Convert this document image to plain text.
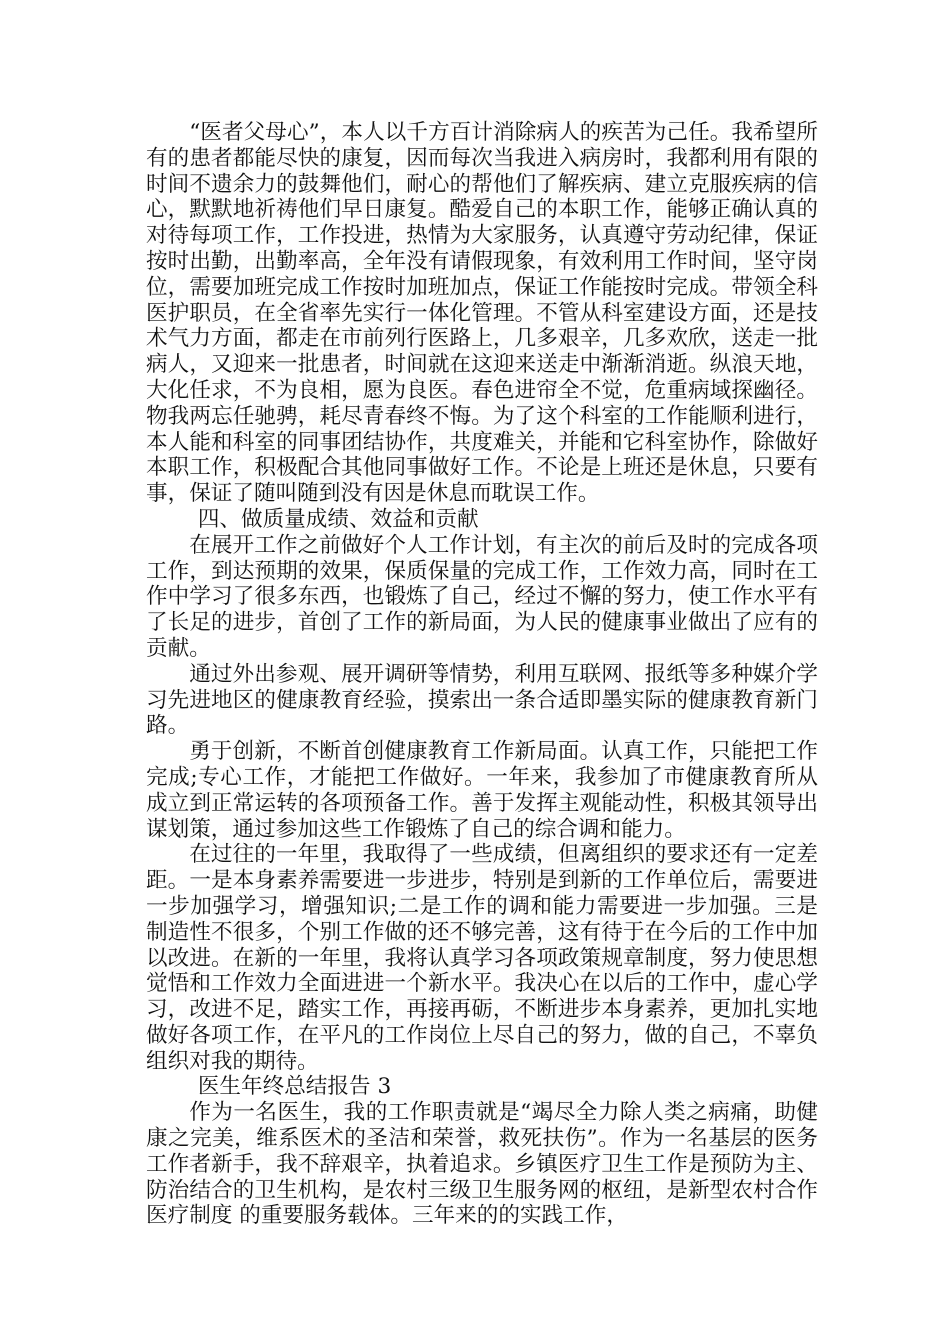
“医者父母心”，本人以千方百计消除病人的疾苦为己任。我希望所有的患者都能尽快的康复，因而每次当我进入病房时，我都利用有限的时间不遗余力的鼓舞他们，耐心的帮他们了解疾病、建立克服疾病的信心，默默地祈祷他们早日康复。酷爱自己的本职工作，能够正确认真的对待每项工作，工作投进，热情为大家服务，认真遵守劳动纪律，保证按时出勤，出勤率高，全年没有请假现象，有效利用工作时间，坚守岗位，需要加班完成工作按时加班加点，保证工作能按时完成。带领全科医护职员，在全省率先实行一体化管理。不管从科室建设方面，还是技术气力方面，都走在市前列行医路上，几多艰辛，几多欢欣，送走一批病人，又迎来一批患者，时间就在这迎来送走中渐渐消逝。纵浪天地，大化任求，不为良相，愿为良医。春色进帘全不觉，危重病域探幽径。物我两忘任驰骋，耗尽青春终不悔。为了这个科室的工作能顺利进行，本人能和科室的同事团结协作，共度难关，并能和它科室协作，除做好本职工作，积极配合其他同事做好工作。不论是上班还是休息，只要有事，保证了随叫随到没有因是休息而耽误工作。

四、做质量成绩、效益和贡献

在展开工作之前做好个人工作计划，有主次的前后及时的完成各项工作，到达预期的效果，保质保量的完成工作，工作效力高，同时在工作中学习了很多东西，也锻炼了自己，经过不懈的努力，使工作水平有了长足的进步，首创了工作的新局面，为人民的健康事业做出了应有的贡献。

通过外出参观、展开调研等情势，利用互联网、报纸等多种媒介学习先进地区的健康教育经验，摸索出一条合适即墨实际的健康教育新门路。

勇于创新，不断首创健康教育工作新局面。认真工作，只能把工作完成;专心工作，才能把工作做好。一年来，我参加了市健康教育所从成立到正常运转的各项预备工作。善于发挥主观能动性，积极其领导出谋划策，通过参加这些工作锻炼了自己的综合调和能力。

在过往的一年里，我取得了一些成绩，但离组织的要求还有一定差距。一是本身素养需要进一步进步，特别是到新的工作单位后，需要进一步加强学习，增强知识;二是工作的调和能力需要进一步加强。三是制造性不很多，个别工作做的还不够完善，这有待于在今后的工作中加以改进。在新的一年里，我将认真学习各项政策规章制度，努力使思想觉悟和工作效力全面进进一个新水平。我决心在以后的工作中，虚心学习，改进不足，踏实工作，再接再砺，不断进步本身素养，更加扎实地做好各项工作，在平凡的工作岗位上尽自己的努力，做的自己，不辜负组织对我的期待。

医生年终总结报告 3

作为一名医生，我的工作职责就是“竭尽全力除人类之病痛，助健康之完美，维系医术的圣洁和荣誉，救死扶伤”。作为一名基层的医务工作者新手，我不辞艰辛，执着追求。乡镇医疗卫生工作是预防为主、防治结合的卫生机构，是农村三级卫生服务网的枢纽，是新型农村合作医疗制度 的重要服务载体。三年来的的实践工作，
